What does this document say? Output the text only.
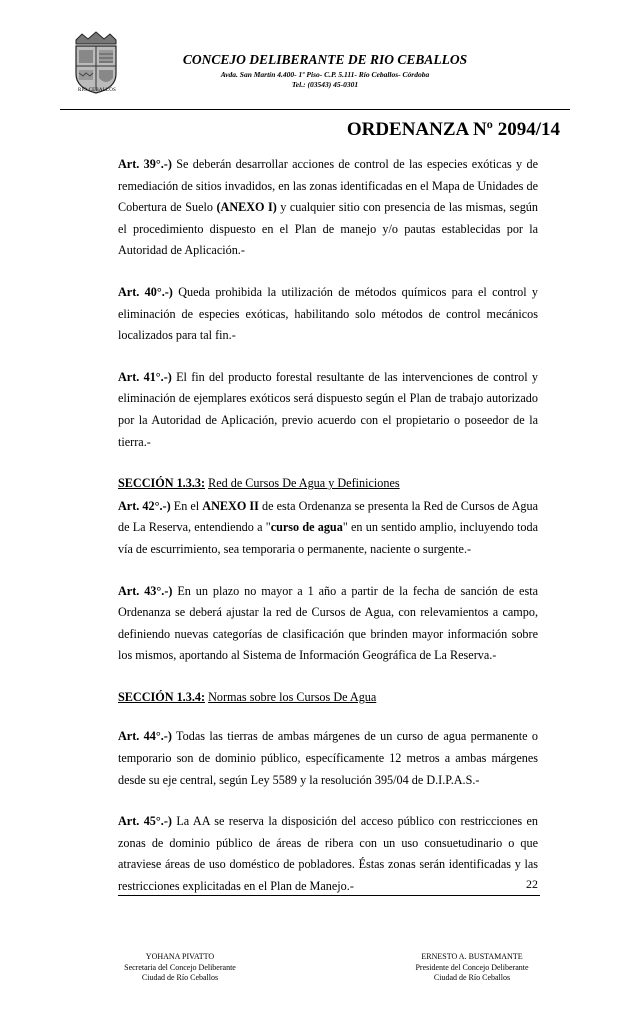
RIO CEBALLOS
CONCEJO DELIBERANTE DE RIO CEBALLOS
Avda. San Martín 4.400- 1º Piso- C.P. 5.111- Río Ceballos- Córdoba
Tel.: (03543) 45-0301
ORDENANZA Nº 2094/14

Art. 39°.-) Se deberán desarrollar acciones de control de las especies exóticas y de remediación de sitios invadidos, en las zonas identificadas en el Mapa de Unidades de Cobertura de Suelo (ANEXO I) y cualquier sitio con presencia de las mismas, según el procedimiento dispuesto en el Plan de manejo y/o pautas establecidas por la Autoridad de Aplicación.-

Art. 40°.-) Queda prohibida la utilización de métodos químicos para el control y eliminación de especies exóticas, habilitando solo métodos de control mecánicos localizados para tal fin.-

Art. 41°.-) El fin del producto forestal resultante de las intervenciones de control y eliminación de ejemplares exóticos será dispuesto según el Plan de trabajo autorizado por la Autoridad de Aplicación, previo acuerdo con el propietario o poseedor de la tierra.-

SECCIÓN 1.3.3: Red de Cursos De Agua y Definiciones

Art. 42°.-) En el ANEXO II de esta Ordenanza se presenta la Red de Cursos de Agua de La Reserva, entendiendo a "curso de agua" en un sentido amplio, incluyendo toda vía de escurrimiento, sea temporaria o permanente, naciente o surgente.-

Art. 43°.-) En un plazo no mayor a 1 año a partir de la fecha de sanción de esta Ordenanza se deberá ajustar la red de Cursos de Agua, con relevamientos a campo, definiendo nuevas categorías de clasificación que brinden mayor información sobre los mismos, aportando al Sistema de Información Geográfica de La Reserva.-

SECCIÓN 1.3.4: Normas sobre los Cursos De Agua

Art. 44°.-) Todas las tierras de ambas márgenes de un curso de agua permanente o temporario son de dominio público, específicamente 12 metros a ambas márgenes desde su eje central, según Ley 5589 y la resolución 395/04 de D.I.P.A.S.-

Art. 45°.-) La AA se reserva la disposición del acceso público con restricciones en zonas de dominio público de áreas de ribera con un uso consuetudinario o que atraviese áreas de uso doméstico de pobladores. Éstas zonas serán identificadas y las restricciones explicitadas en el Plan de Manejo.-	22
YOHANA PIVATTO
Secretaria del Concejo Deliberante
Ciudad de Río Ceballos
ERNESTO A. BUSTAMANTE
Presidente del Concejo Deliberante
Ciudad de Río Ceballos
